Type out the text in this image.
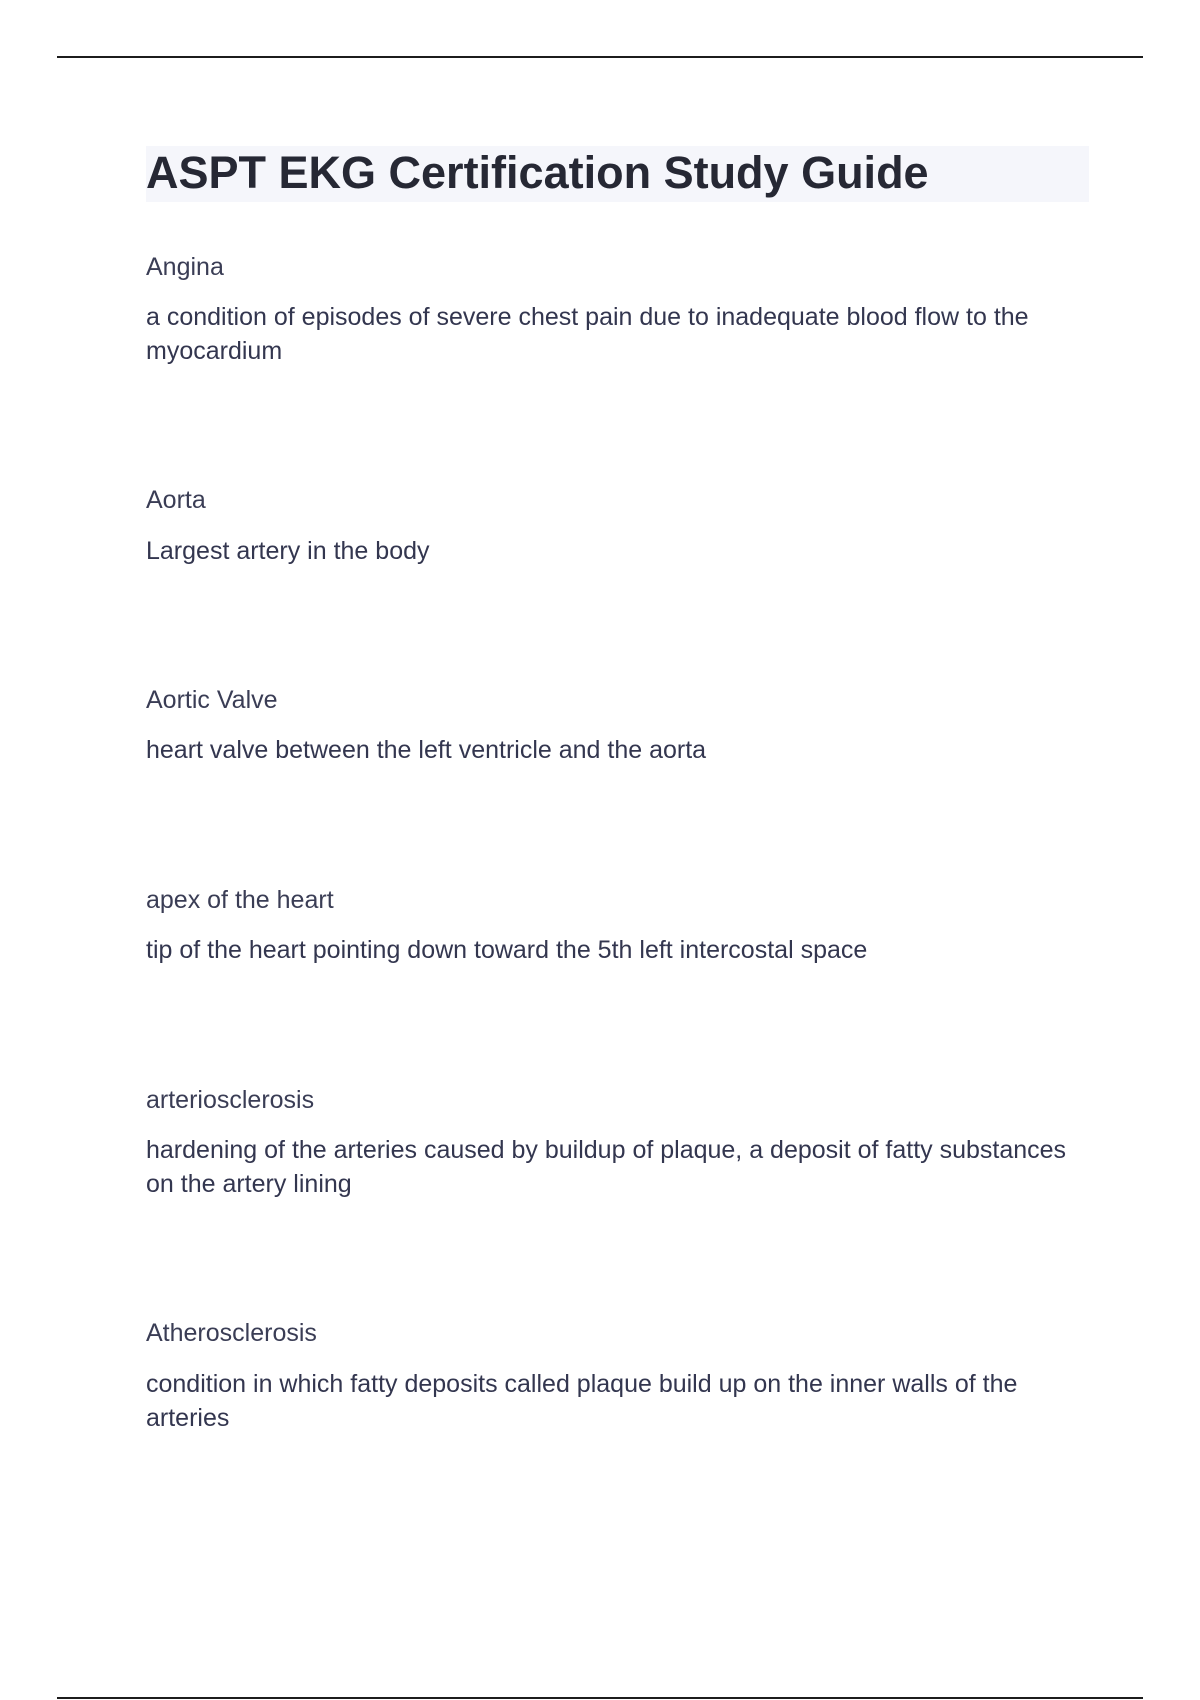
ASPT EKG Certification Study Guide
Angina
a condition of episodes of severe chest pain due to inadequate blood flow to the myocardium
Aorta
Largest artery in the body
Aortic Valve
heart valve between the left ventricle and the aorta
apex of the heart
tip of the heart pointing down toward the 5th left intercostal space
arteriosclerosis
hardening of the arteries caused by buildup of plaque, a deposit of fatty substances on the artery lining
Atherosclerosis
condition in which fatty deposits called plaque build up on the inner walls of the arteries
